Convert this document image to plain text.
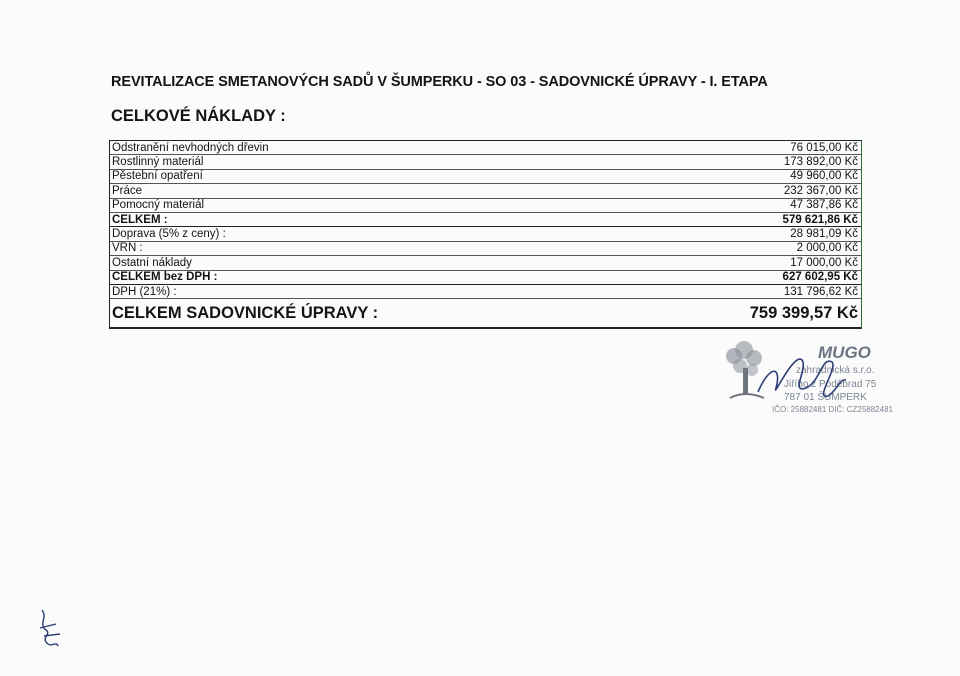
REVITALIZACE SMETANOVÝCH SADŮ V ŠUMPERKU - SO 03 - SADOVNICKÉ ÚPRAVY - I. ETAPA
CELKOVÉ NÁKLADY :
Odstranění nevhodných dřevin	76 015,00 Kč
Rostlinný materiál	173 892,00 Kč
Pěstební opatření	49 960,00 Kč
Práce	232 367,00 Kč
Pomocný materiál	47 387,86 Kč
CELKEM :	579 621,86 Kč
Doprava (5% z ceny) :	28 981,09 Kč
VRN :	2 000,00 Kč
Ostatní náklady	17 000,00 Kč
CELKEM bez DPH :	627 602,95 Kč
DPH (21%) :	131 796,62 Kč
CELKEM SADOVNICKÉ ÚPRAVY :	759 399,57 Kč
MUGO
zahradnická s.r.o.
Jiřího z Poděbrad 75
787 01 ŠUMPERK
IČO: 25882481 DIČ: CZ25882481
